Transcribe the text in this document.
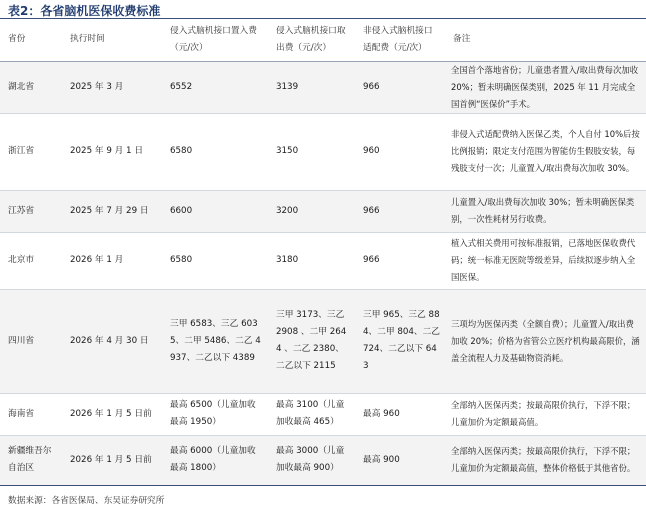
表2：各省脑机医保收费标准
省份	执行时间	侵入式脑机接口置入费（元/次）	侵入式脑机接口取出费（元/次）	非侵入式脑机接口适配费（元/次）	备注
湖北省	2025 年 3 月	6552	3139	966	全国首个落地省份；儿童患者置入/取出费每次加收 20%；暂未明确医保类别，2025 年 11 月完成全国首例“医保价”手术。
浙江省	2025 年 9 月 1 日	6580	3150	960	非侵入式适配费纳入医保乙类，个人自付 10%后按比例报销；限定支付范围为智能仿生假肢安装，每残肢支付一次；儿童置入/取出费每次加收 30%。
江苏省	2025 年 7 月 29 日	6600	3200	966	儿童置入/取出费每次加收 30%；暂未明确医保类别，一次性耗材另行收费。
北京市	2026 年 1 月	6580	3180	966	植入式相关费用可按标准报销，已落地医保收费代码；统一标准无医院等级差异，后续拟逐步纳入全国医保。
四川省	2026 年 4 月 30 日	三甲 6583、三乙 6035、二甲 5486、二乙 4937、二乙以下 4389	三甲 3173、三乙 2908 、二甲 2644 、二乙 2380、二乙以下 2115	三甲 965、三乙 884、二甲 804、二乙 724、二乙以下 643	三项均为医保丙类（全额自费）；儿童置入/取出费加收 20%；价格为省管公立医疗机构最高限价，涵盖全流程人力及基础物资消耗。
海南省	2026 年 1 月 5 日前	最高 6500（儿童加收最高 1950）	最高 3100（儿童加收最高 465）	最高 960	全部纳入医保丙类；按最高限价执行，下浮不限；儿童加价为定额最高值。
新疆维吾尔自治区	2026 年 1 月 5 日前	最高 6000（儿童加收最高 1800）	最高 3000（儿童加收最高 900）	最高 900	全部纳入医保丙类；按最高限价执行，下浮不限；儿童加价为定额最高值，整体价格低于其他省份。
数据来源：各省医保局、东吴证券研究所
